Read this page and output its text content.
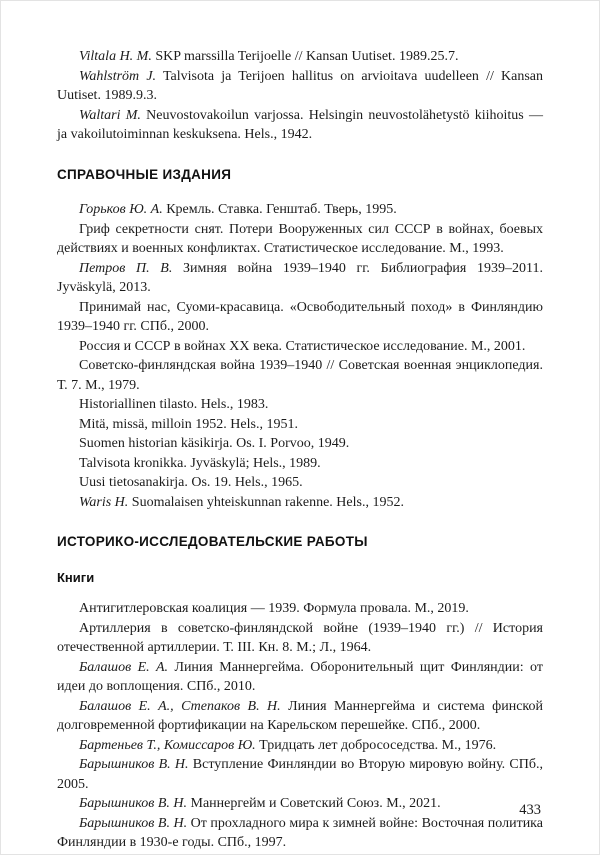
Viltala H. M. SKP marssilla Terijoelle // Kansan Uutiset. 1989.25.7.

Wahlström J. Talvisota ja Terijoen hallitus on arvioitava uudelleen // Kansan Uutiset. 1989.9.3.

Waltari M. Neuvostovakoilun varjossa. Helsingin neuvostolähetystö kiihoitus — ja vakoilutoiminnan keskuksena. Hels., 1942.

СПРАВОЧНЫЕ ИЗДАНИЯ

Горьков Ю. А. Кремль. Ставка. Генштаб. Тверь, 1995.

Гриф секретности снят. Потери Вооруженных сил СССР в войнах, боевых действиях и военных конфликтах. Статистическое исследование. М., 1993.

Петров П. В. Зимняя война 1939–1940 гг. Библиография 1939–2011. Jyväskylä, 2013.

Принимай нас, Суоми-красавица. «Освободительный поход» в Финляндию 1939–1940 гг. СПб., 2000.

Россия и СССР в войнах XX века. Статистическое исследование. М., 2001.

Советско-финляндская война 1939–1940 // Советская военная энциклопедия. Т. 7. М., 1979.

Historiallinen tilasto. Hels., 1983.

Mitä, missä, milloin 1952. Hels., 1951.

Suomen historian käsikirja. Os. I. Porvoo, 1949.

Talvisota kronikka. Jyväskylä; Hels., 1989.

Uusi tietosanakirja. Os. 19. Hels., 1965.

Waris H. Suomalaisen yhteiskunnan rakenne. Hels., 1952.

ИСТОРИКО-ИССЛЕДОВАТЕЛЬСКИЕ РАБОТЫ
Книги

Антигитлеровская коалиция — 1939. Формула провала. М., 2019.

Артиллерия в советско-финляндской войне (1939–1940 гг.) // История отечественной артиллерии. Т. III. Кн. 8. М.; Л., 1964.

Балашов Е. А. Линия Маннергейма. Оборонительный щит Финляндии: от идеи до воплощения. СПб., 2010.

Балашов Е. А., Степаков В. Н. Линия Маннергейма и система финской долговременной фортификации на Карельском перешейке. СПб., 2000.

Бартеньев Т., Комиссаров Ю. Тридцать лет добрососедства. М., 1976.

Барышников В. Н. Вступление Финляндии во Вторую мировую войну. СПб., 2005.

Барышников В. Н. Маннергейм и Советский Союз. М., 2021.

Барышников В. Н. От прохладного мира к зимней войне: Восточная политика Финляндии в 1930-е годы. СПб., 1997.

433
